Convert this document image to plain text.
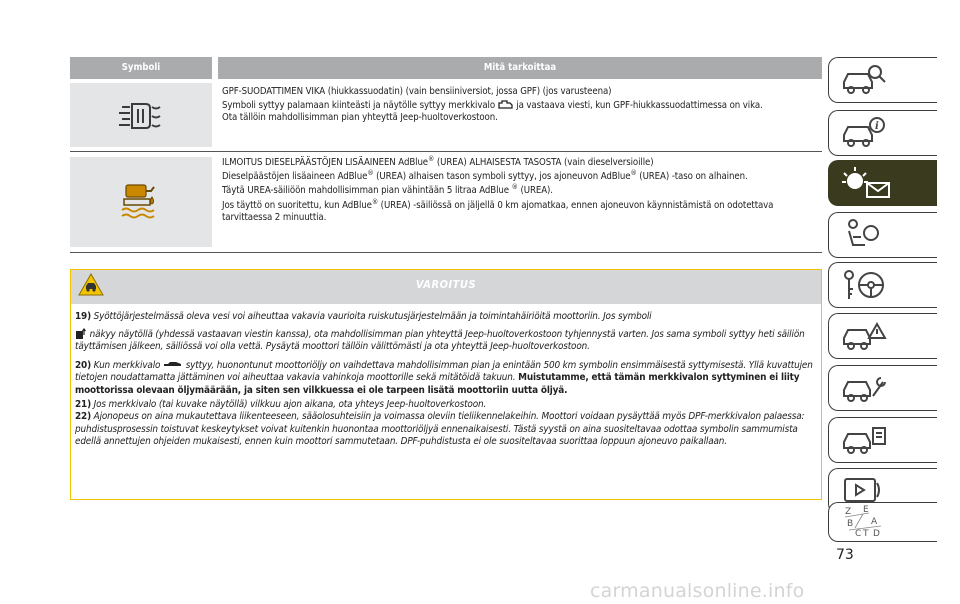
Symboli	Mitä tarkoittaa

GPF-SUODATTIMEN VIKA (hiukkassuodatin) (vain bensiiniversiot, jossa GPF) (jos varusteena)

Symboli syttyy palamaan kiinteästi ja näytölle syttyy merkkivalo ja vastaava viesti, kun GPF-hiukkassuodattimessa on vika.

Ota tällöin mahdollisimman pian yhteyttä Jeep-huoltoverkostoon.

ILMOITUS DIESELPÄÄSTÖJEN LISÄAINEEN AdBlue® (UREA) ALHAISESTA TASOSTA (vain dieselversioille)

Dieselpäästöjen lisäaineen AdBlue® (UREA) alhaisen tason symboli syttyy, jos ajoneuvon AdBlue® (UREA) -taso on alhainen.

Täytä UREA-säiliöön mahdollisimman pian vähintään 5 litraa AdBlue ® (UREA).

Jos täyttö on suoritettu, kun AdBlue® (UREA) -säiliössä on jäljellä 0 km ajomatkaa, ennen ajoneuvon käynnistämistä on odotettava tarvittaessa 2 minuuttia.

VAROITUS

19) Syöttöjärjestelmässä oleva vesi voi aiheuttaa vakavia vaurioita ruiskutusjärjestelmään ja toimintahäiriöitä moottoriin. Jos symboli

näkyy näytöllä (yhdessä vastaavan viestin kanssa), ota mahdollisimman pian yhteyttä Jeep-huoltoverkostoon tyhjennystä varten. Jos sama symboli syttyy heti säiliön täyttämisen jälkeen, säiliössä voi olla vettä. Pysäytä moottori tällöin välittömästi ja ota yhteyttä Jeep-huoltoverkostoon.

20) Kun merkkivalo	syttyy, huonontunut moottoriöljy on vaihdettava mahdollisimman pian ja enintään 500 km symbolin ensimmäisestä syttymisestä. Yllä kuvattujen tietojen noudattamatta jättäminen voi aiheuttaa vakavia vahinkoja moottorille sekä mitätöidä takuun. Muistutamme, että tämän merkkivalon syttyminen ei liity moottorissa olevaan öljymäärään, ja siten sen vilkkuessa ei ole tarpeen lisätä moottoriin uutta öljyä.

21) Jos merkkivalo (tai kuvake näytöllä) vilkkuu ajon aikana, ota yhteys Jeep-huoltoverkostoon.

22) Ajonopeus on aina mukautettava liikenteeseen, sääolosuhteisiin ja voimassa oleviin tieliikennelakeihin. Moottori voidaan pysäyttää myös DPF-merkkivalon palaessa: puhdistusprosessin toistuvat keskeytykset voivat kuitenkin huonontaa moottoriöljyä ennenaikaisesti. Tästä syystä on aina suositeltavaa odottaa symbolin sammumista edellä annettujen ohjeiden mukaisesti, ennen kuin moottori sammutetaan. DPF-puhdistusta ei ole suositeltavaa suorittaa loppuun ajoneuvo paikallaan.

i
Z E
B A
C T D
73
carmanualsonline.info
